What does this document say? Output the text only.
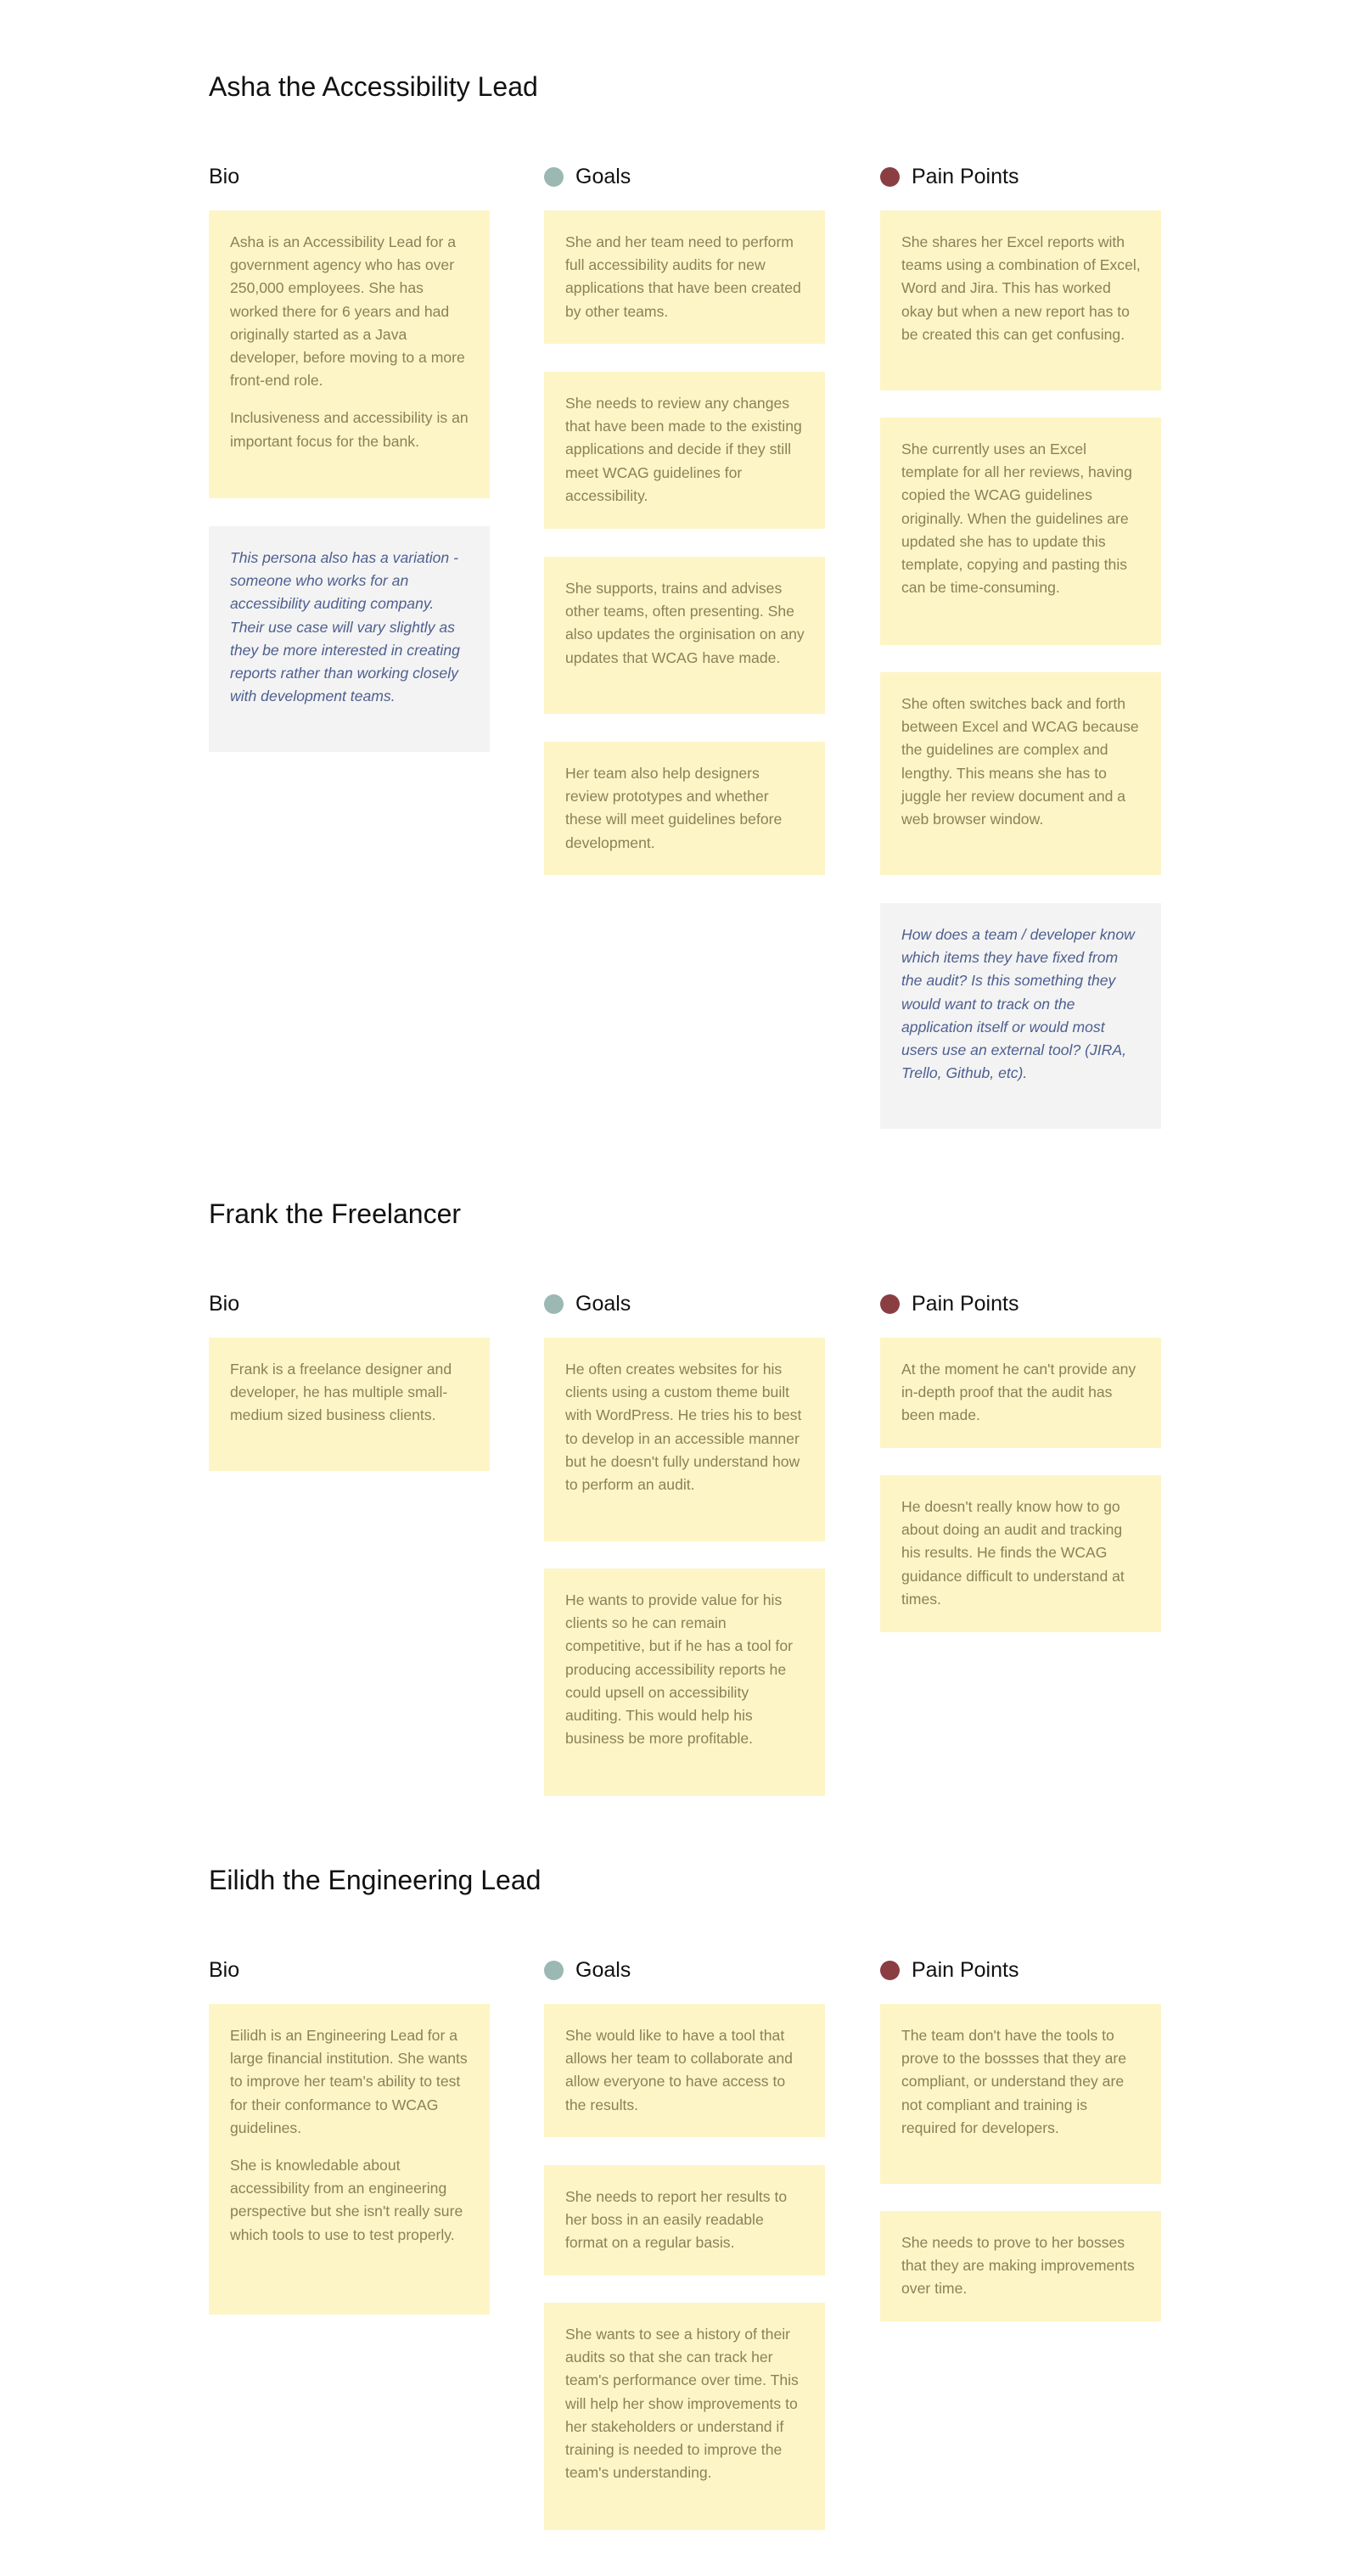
Asha the Accessibility Lead
Bio

Asha is an Accessibility Lead for a government agency who has over 250,000 employees. She has worked there for 6 years and had originally started as a Java developer, before moving to a more front-end role.

Inclusiveness and accessibility is an important focus for the bank.

This persona also has a variation - someone who works for an accessibility auditing company. Their use case will vary slightly as they be more interested in creating reports rather than working closely with development teams.

Goals

She and her team need to perform full accessibility audits for new applications that have been created by other teams.

She needs to review any changes that have been made to the existing applications and decide if they still meet WCAG guidelines for accessibility.

She supports, trains and advises other teams, often presenting. She also updates the orginisation on any updates that WCAG have made.

Her team also help designers review prototypes and whether these will meet guidelines before development.

Pain Points

She shares her Excel reports with teams using a combination of Excel, Word and Jira. This has worked okay but when a new report has to be created this can get confusing.

She currently uses an Excel template for all her reviews, having copied the WCAG guidelines originally. When the guidelines are updated she has to update this template, copying and pasting this can be time-consuming.

She often switches back and forth between Excel and WCAG because the guidelines are complex and lengthy. This means she has to juggle her review document and a web browser window.

How does a team / developer know which items they have fixed from the audit? Is this something they would want to track on the application itself or would most users use an external tool? (JIRA, Trello, Github, etc).

Frank the Freelancer
Bio

Frank is a freelance designer and developer, he has multiple small-medium sized business clients.

Goals

He often creates websites for his clients using a custom theme built with WordPress. He tries his to best to develop in an accessible manner but he doesn't fully understand how to perform an audit.

He wants to provide value for his clients so he can remain competitive, but if he has a tool for producing accessibility reports he could upsell on accessibility auditing. This would help his business be more profitable.

Pain Points

At the moment he can't provide any in-depth proof that the audit has been made.

He doesn't really know how to go about doing an audit and tracking his results. He finds the WCAG guidance difficult to understand at times.

Eilidh the Engineering Lead
Bio

Eilidh is an Engineering Lead for a large financial institution. She wants to improve her team's ability to test for their conformance to WCAG guidelines.

She is knowledable about accessibility from an engineering perspective but she isn't really sure which tools to use to test properly.

Goals

She would like to have a tool that allows her team to collaborate and allow everyone to have access to the results.

She needs to report her results to her boss in an easily readable format on a regular basis.

She wants to see a history of their audits so that she can track her team's performance over time. This will help her show improvements to her stakeholders or understand if training is needed to improve the team's understanding.

Pain Points

The team don't have the tools to prove to the bossses that they are compliant, or understand they are not compliant and training is required for developers.

She needs to prove to her bosses that they are making improvements over time.
